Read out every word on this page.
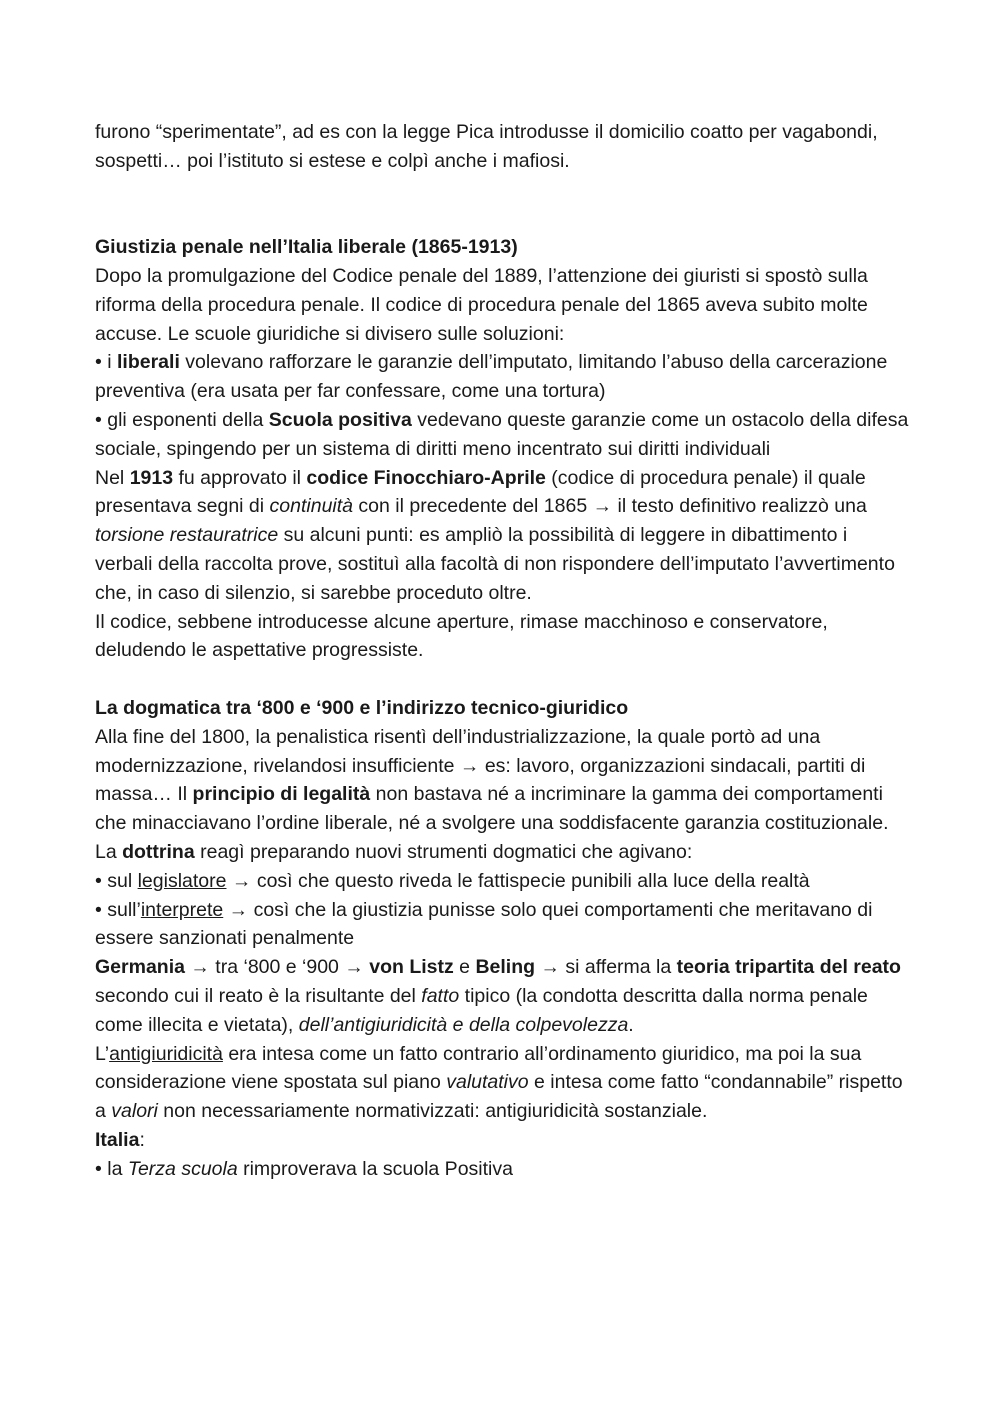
furono “sperimentate”, ad es con la legge Pica introdusse il domicilio coatto per vagabondi, sospetti… poi l’istituto si estese e colpì anche i mafiosi.

Giustizia penale nell’Italia liberale (1865-1913)

Dopo la promulgazione del Codice penale del 1889, l’attenzione dei giuristi si spostò sulla riforma della procedura penale. Il codice di procedura penale del 1865 aveva subito molte accuse. Le scuole giuridiche si divisero sulle soluzioni:

• i liberali volevano rafforzare le garanzie dell’imputato, limitando l’abuso della carcerazione preventiva (era usata per far confessare, come una tortura)

• gli esponenti della Scuola positiva vedevano queste garanzie come un ostacolo della difesa sociale, spingendo per un sistema di diritti meno incentrato sui diritti individuali

Nel 1913 fu approvato il codice Finocchiaro-Aprile (codice di procedura penale) il quale presentava segni di continuità con il precedente del 1865 → il testo definitivo realizzò una torsione restauratrice su alcuni punti: es ampliò la possibilità di leggere in dibattimento i verbali della raccolta prove, sostituì alla facoltà di non rispondere dell’imputato l’avvertimento che, in caso di silenzio, si sarebbe proceduto oltre.

Il codice, sebbene introducesse alcune aperture, rimase macchinoso e conservatore, deludendo le aspettative progressiste.

La dogmatica tra ‘800 e ‘900 e l’indirizzo tecnico-giuridico

Alla fine del 1800, la penalistica risentì dell’industrializzazione, la quale portò ad una modernizzazione, rivelandosi insufficiente → es: lavoro, organizzazioni sindacali, partiti di massa… Il principio di legalità non bastava né a incriminare la gamma dei comportamenti che minacciavano l’ordine liberale, né a svolgere una soddisfacente garanzia costituzionale.

La dottrina reagì preparando nuovi strumenti dogmatici che agivano:

• sul legislatore → così che questo riveda le fattispecie punibili alla luce della realtà

• sull’interprete → così che la giustizia punisse solo quei comportamenti che meritavano di essere sanzionati penalmente

Germania → tra ‘800 e ‘900 → von Listz e Beling → si afferma la teoria tripartita del reato secondo cui il reato è la risultante del fatto tipico (la condotta descritta dalla norma penale come illecita e vietata), dell’antigiuridicità e della colpevolezza.

L’antigiuridicità era intesa come un fatto contrario all’ordinamento giuridico, ma poi la sua considerazione viene spostata sul piano valutativo e intesa come fatto “condannabile” rispetto a valori non necessariamente normativizzati: antigiuridicità sostanziale.

Italia:

• la Terza scuola rimproverava la scuola Positiva
